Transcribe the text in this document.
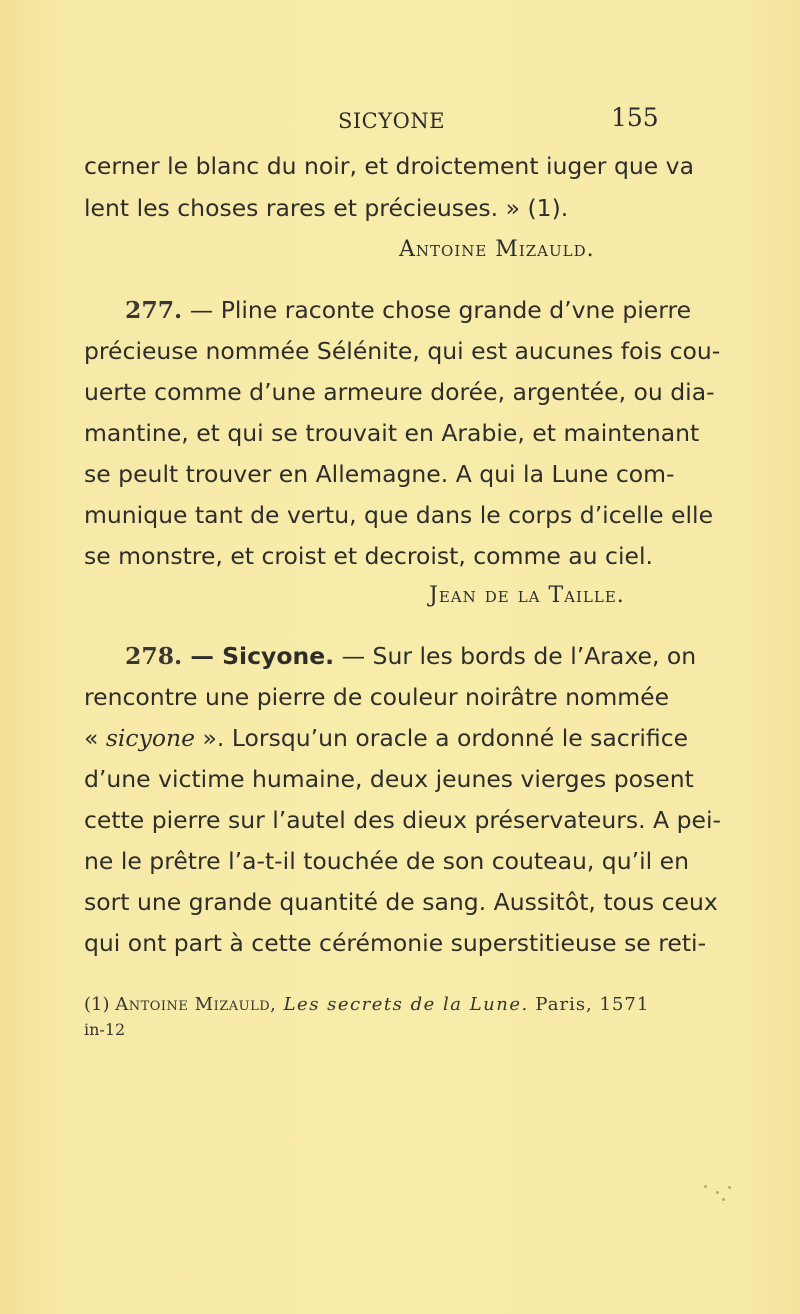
SICYONE	155
cerner le blanc du noir, et droictement iuger que va
lent les choses rares et précieuses. » (1).
Antoine Mizauld.
277. — Pline raconte chose grande d’vne pierre
précieuse nommée Sélénite, qui est aucunes fois cou-
uerte comme d’une armeure dorée, argentée, ou dia-
mantine, et qui se trouvait en Arabie, et maintenant
se peult trouver en Allemagne. A qui la Lune com-
munique tant de vertu, que dans le corps d’icelle elle
se monstre, et croist et decroist, comme au ciel.
Jean de la Taille.
278. — Sicyone. — Sur les bords de l’Araxe, on
rencontre une pierre de couleur noirâtre nommée
« sicyone ». Lorsqu’un oracle a ordonné le sacrifice
d’une victime humaine, deux jeunes vierges posent
cette pierre sur l’autel des dieux préservateurs. A pei-
ne le prêtre l’a-t-il touchée de son couteau, qu’il en
sort une grande quantité de sang. Aussitôt, tous ceux
qui ont part à cette cérémonie superstitieuse se reti-
(1) Antoine Mizauld, Les secrets de la Lune. Paris, 1571
in-12
